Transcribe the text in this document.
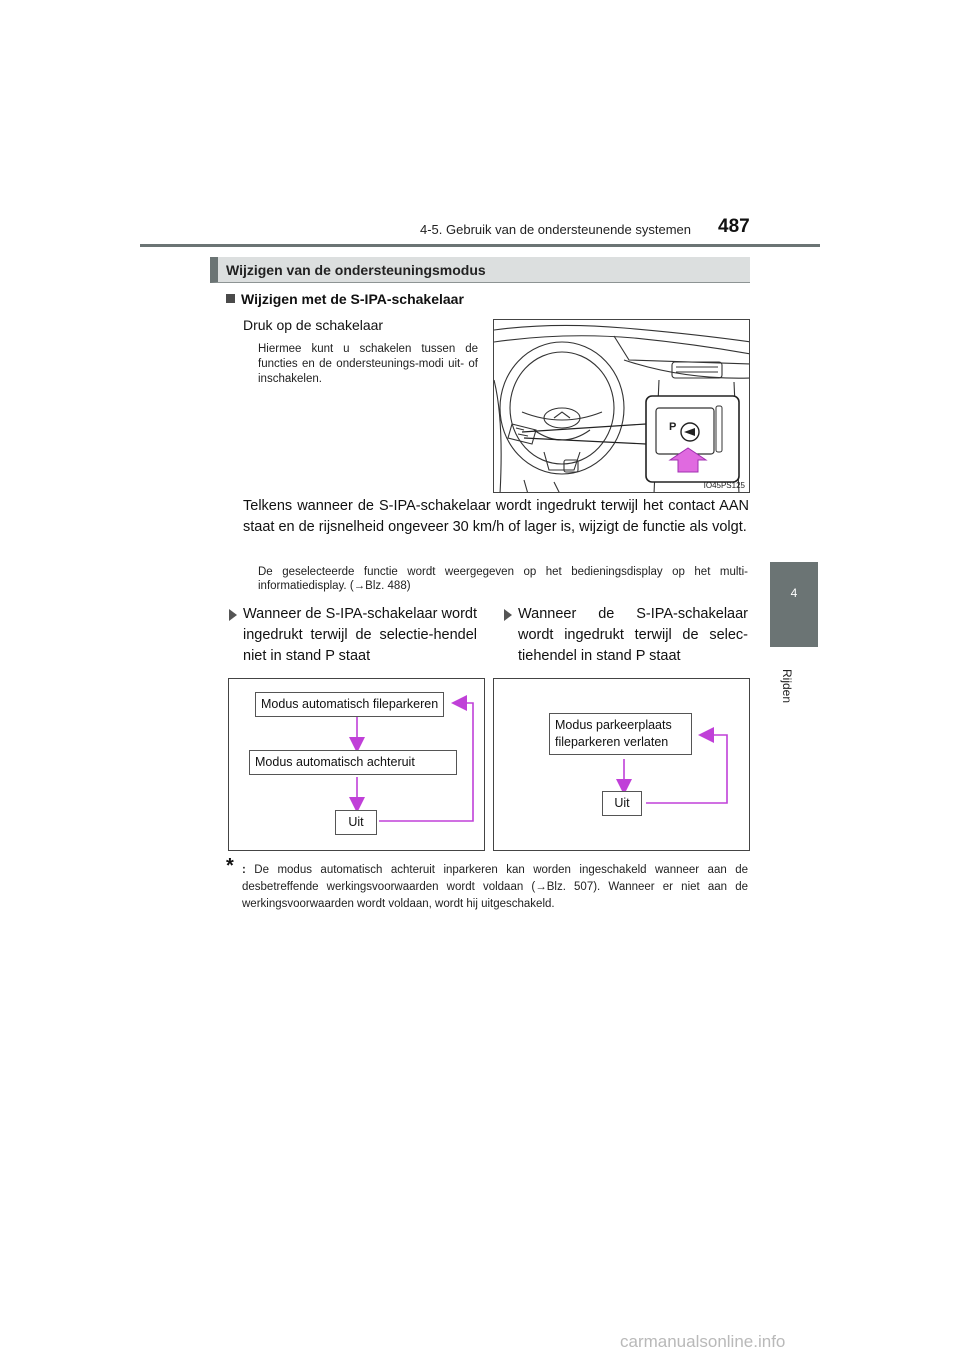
4-5. Gebruik van de ondersteunende systemen 487
4
Rijden
Wijzigen van de ondersteuningsmodus
Wijzigen met de S-IPA-schakelaar
Druk op de schakelaar
Hiermee kunt u schakelen tussen de functies en de ondersteunings-modi uit- of inschakelen.
P
IO45PS125
Telkens wanneer de S-IPA-schakelaar wordt ingedrukt terwijl het contact AAN staat en de rijsnelheid ongeveer 30 km/h of lager is, wijzigt de functie als volgt.
De geselecteerde functie wordt weergegeven op het bedieningsdisplay op het multi-informatiedisplay. (→Blz. 488)
Wanneer de S-IPA-schakelaar wordt ingedrukt terwijl de selectie-hendel niet in stand P staat
Wanneer de S-IPA-schakelaar wordt ingedrukt terwijl de selec-tiehendel in stand P staat
Modus automatisch fileparkeren
Modus automatisch achteruit
Uit
Modus parkeerplaats fileparkeren verlaten
Uit
* : De modus automatisch achteruit inparkeren kan worden ingeschakeld wanneer aan de desbetreffende werkingsvoorwaarden wordt voldaan (→Blz. 507). Wanneer er niet aan de werkingsvoorwaarden wordt voldaan, wordt hij uitgeschakeld.
carmanualsonline.info
